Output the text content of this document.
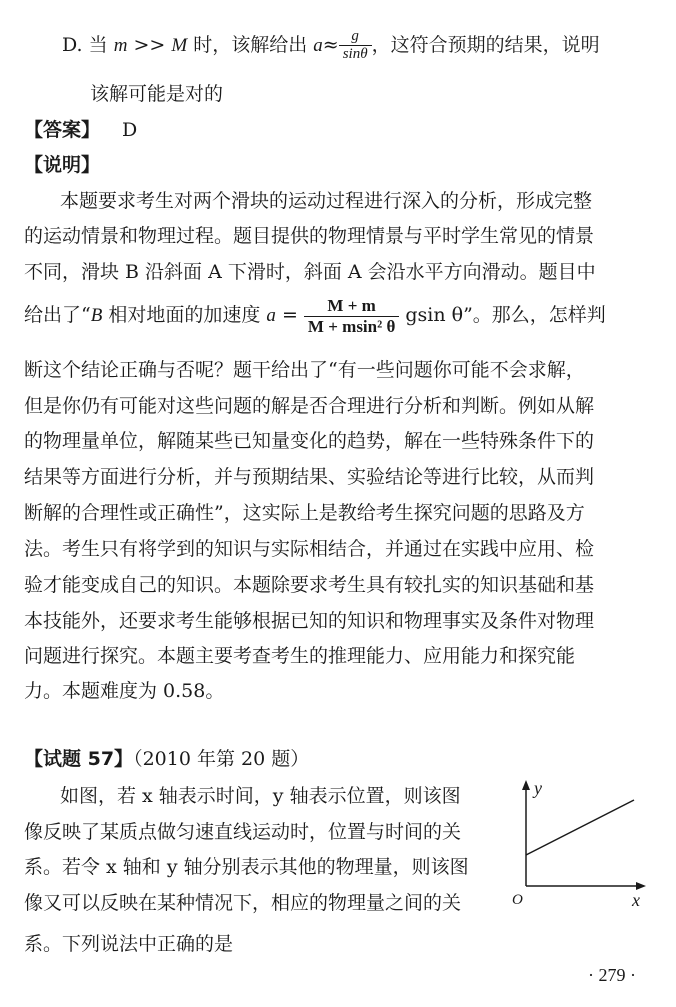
D. 当 m >> M 时，该解给出 $a\approx \frac{g}{\sin\theta}$ ，这符合预期的结果，说明
该解可能是对的
【答案】 D
【说明】
本题要求考生对两个滑块的运动过程进行深入的分析，形成完整
的运动情景和物理过程。题目提供的物理情景与平时学生常见的情景
不同，滑块 B 沿斜面 A 下滑时，斜面 A 会沿水平方向滑动。题目中
给出了“B 相对地面的加速度 $a = \frac{M + m}{\text{M + msin² θ}}$ gsin θ”。那么，怎样判
断这个结论正确与否呢？题干给出了“有一些问题你可能不会求解，
但是你仍有可能对这些问题的解是否合理进行分析和判断。例如从解
的物理量单位，解随某些已知量变化的趋势，解在一些特殊条件下的
结果等方面进行分析，并与预期结果、实验结论等进行比较，从而判
断解的合理性或正确性”，这实际上是教给考生探究问题的思路及方
法。考生只有将学到的知识与实际相结合，并通过在实践中应用、检
验才能变成自己的知识。本题除要求考生具有较扎实的知识基础和基
本技能外，还要求考生能够根据已知的知识和物理事实及条件对物理
问题进行探究。本题主要考查考生的推理能力、应用能力和探究能
力。本题难度为 0.58。
【试题 57】（2010 年第 20 题）
如图，若 x 轴表示时间，y 轴表示位置，则该图
像反映了某质点做匀速直线运动时，位置与时间的关
系。若令 x 轴和 y 轴分别表示其他的物理量，则该图
像又可以反映在某种情况下，相应的物理量之间的关
系。下列说法中正确的是
y
x
O
· 279 ·
